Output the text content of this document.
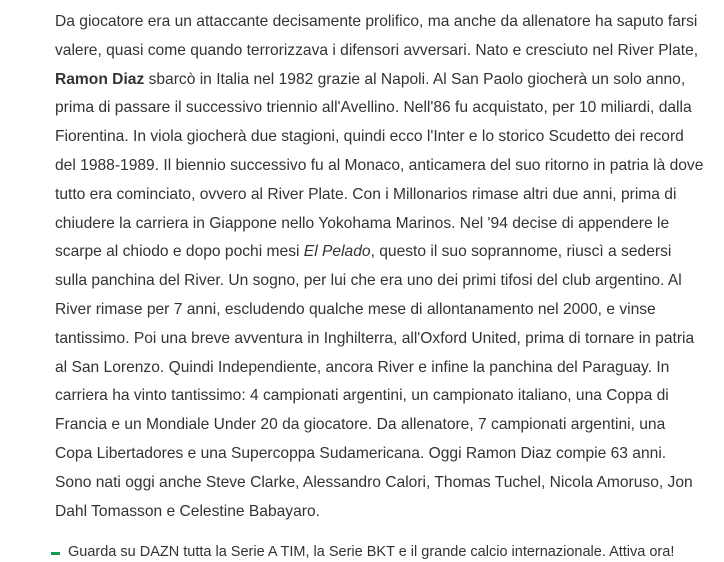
Da giocatore era un attaccante decisamente prolifico, ma anche da allenatore ha saputo farsi valere, quasi come quando terrorizzava i difensori avversari. Nato e cresciuto nel River Plate, Ramon Diaz sbarcò in Italia nel 1982 grazie al Napoli. Al San Paolo giocherà un solo anno, prima di passare il successivo triennio all'Avellino. Nell'86 fu acquistato, per 10 miliardi, dalla Fiorentina. In viola giocherà due stagioni, quindi ecco l'Inter e lo storico Scudetto dei record del 1988-1989. Il biennio successivo fu al Monaco, anticamera del suo ritorno in patria là dove tutto era cominciato, ovvero al River Plate. Con i Millonarios rimase altri due anni, prima di chiudere la carriera in Giappone nello Yokohama Marinos. Nel '94 decise di appendere le scarpe al chiodo e dopo pochi mesi El Pelado, questo il suo soprannome, riuscì a sedersi sulla panchina del River. Un sogno, per lui che era uno dei primi tifosi del club argentino. Al River rimase per 7 anni, escludendo qualche mese di allontanamento nel 2000, e vinse tantissimo. Poi una breve avventura in Inghilterra, all'Oxford United, prima di tornare in patria al San Lorenzo. Quindi Independiente, ancora River e infine la panchina del Paraguay. In carriera ha vinto tantissimo: 4 campionati argentini, un campionato italiano, una Coppa di Francia e un Mondiale Under 20 da giocatore. Da allenatore, 7 campionati argentini, una Copa Libertadores e una Supercoppa Sudamericana. Oggi Ramon Diaz compie 63 anni. Sono nati oggi anche Steve Clarke, Alessandro Calori, Thomas Tuchel, Nicola Amoruso, Jon Dahl Tomasson e Celestine Babayaro.

Guarda su DAZN tutta la Serie A TIM, la Serie BKT e il grande calcio internazionale. Attiva ora!
